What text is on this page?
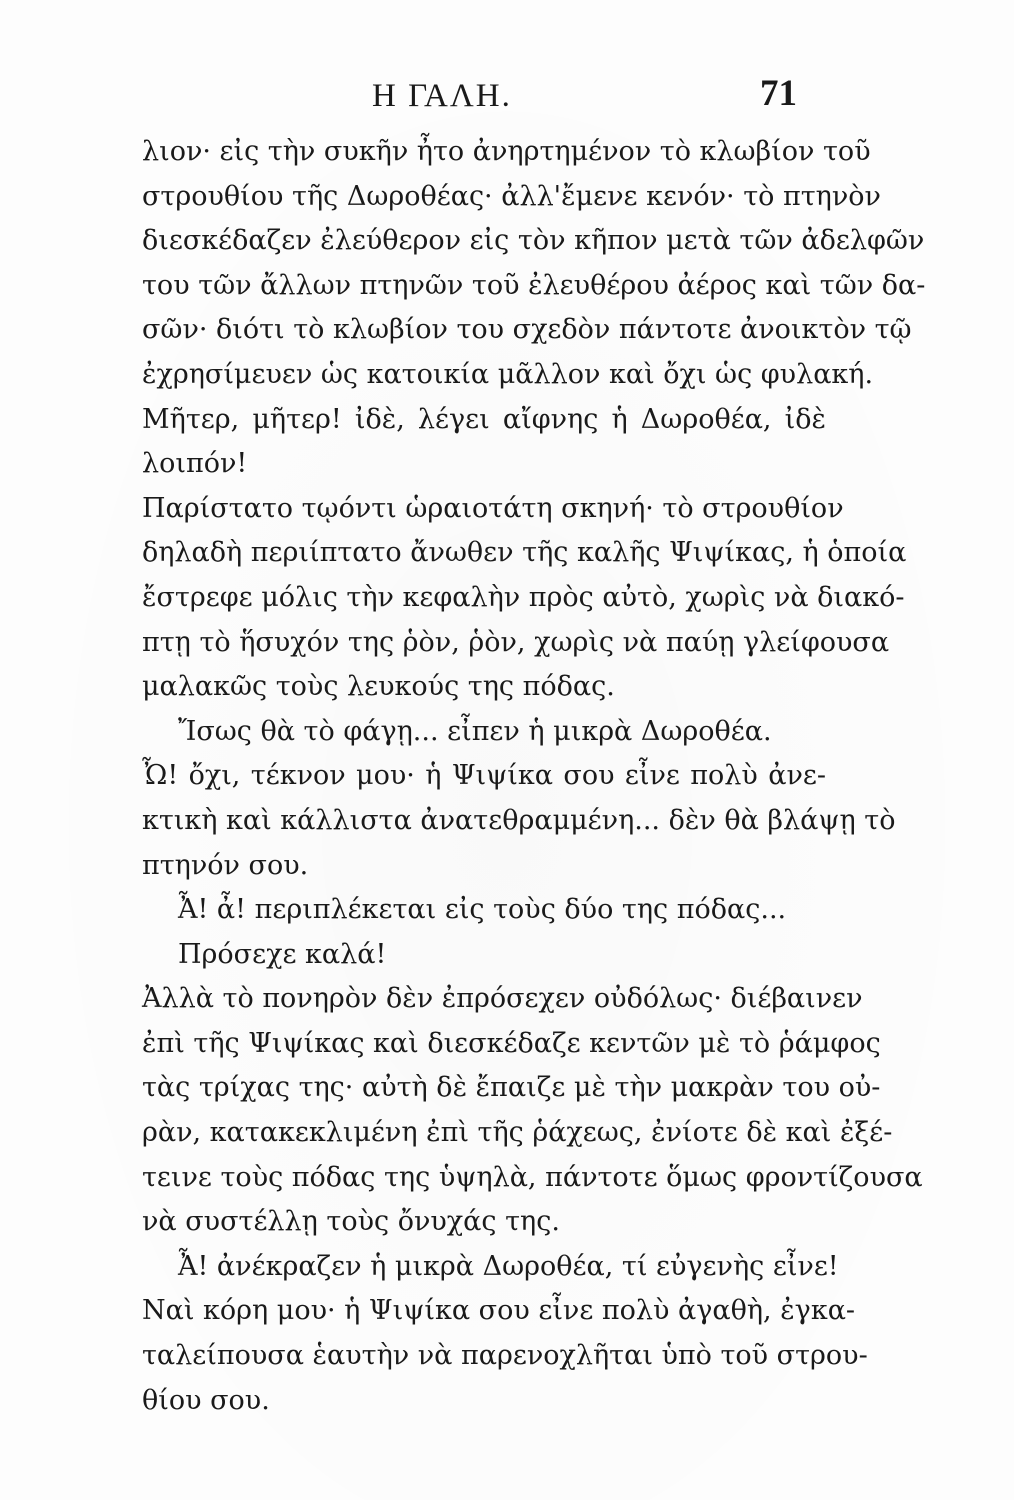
Η ΓΑΛΗ.	71
λιον· εἰς τὴν συκῆν ἦτο ἀνηρτημένον τὸ κλωβίον τοῦ
στρουθίου τῆς Δωροθέας· ἀλλ'ἔμενε κενόν· τὸ πτηνὸν
διεσκέδαζεν ἐλεύθερον εἰς τὸν κῆπον μετὰ τῶν ἀδελφῶν
του τῶν ἄλλων πτηνῶν τοῦ ἐλευθέρου ἀέρος καὶ τῶν δα-
σῶν· διότι τὸ κλωβίον του σχεδὸν πάντοτε ἀνοικτὸν τῷ
ἐχρησίμευεν ὡς κατοικία μᾶλλον καὶ ὄχι ὡς φυλακή.
Μῆτερ, μῆτερ! ἰδὲ, λέγει αἴφνης ἡ Δωροθέα, ἰδὲ
λοιπόν!
Παρίστατο τῳόντι ὡραιοτάτη σκηνή· τὸ στρουθίον
δηλαδὴ περιίπτατο ἄνωθεν τῆς καλῆς Ψιψίκας, ἡ ὁποία
ἔστρεφε μόλις τὴν κεφαλὴν πρὸς αὐτὸ, χωρὶς νὰ διακό-
πτῃ τὸ ἥσυχόν της ῥὸν, ῥὸν, χωρὶς νὰ παύῃ γλείφουσα
μαλακῶς τοὺς λευκούς της πόδας.
Ἴσως θὰ τὸ φάγῃ... εἶπεν ἡ μικρὰ Δωροθέα.
Ὦ! ὄχι, τέκνον μου· ἡ Ψιψίκα σου εἶνε πολὺ ἀνε-
κτικὴ καὶ κάλλιστα ἀνατεθραμμένη... δὲν θὰ βλάψῃ τὸ
πτηνόν σου.
Ἆ! ἆ! περιπλέκεται εἰς τοὺς δύο της πόδας...
Πρόσεχε καλά!
Ἀλλὰ τὸ πονηρὸν δὲν ἐπρόσεχεν οὐδόλως· διέβαινεν
ἐπὶ τῆς Ψιψίκας καὶ διεσκέδαζε κεντῶν μὲ τὸ ῥάμφος
τὰς τρίχας της· αὐτὴ δὲ ἔπαιζε μὲ τὴν μακρὰν του οὐ-
ρὰν, κατακεκλιμένη ἐπὶ τῆς ῥάχεως, ἐνίοτε δὲ καὶ ἐξέ-
τεινε τοὺς πόδας της ὑψηλὰ, πάντοτε ὅμως φροντίζουσα
νὰ συστέλλῃ τοὺς ὄνυχάς της.
Ἆ! ἀνέκραζεν ἡ μικρὰ Δωροθέα, τί εὐγενὴς εἶνε!
Ναὶ κόρη μου· ἡ Ψιψίκα σου εἶνε πολὺ ἀγαθὴ, ἐγκα-
ταλείπουσα ἑαυτὴν νὰ παρενοχλῆται ὑπὸ τοῦ στρου-
θίου σου.
